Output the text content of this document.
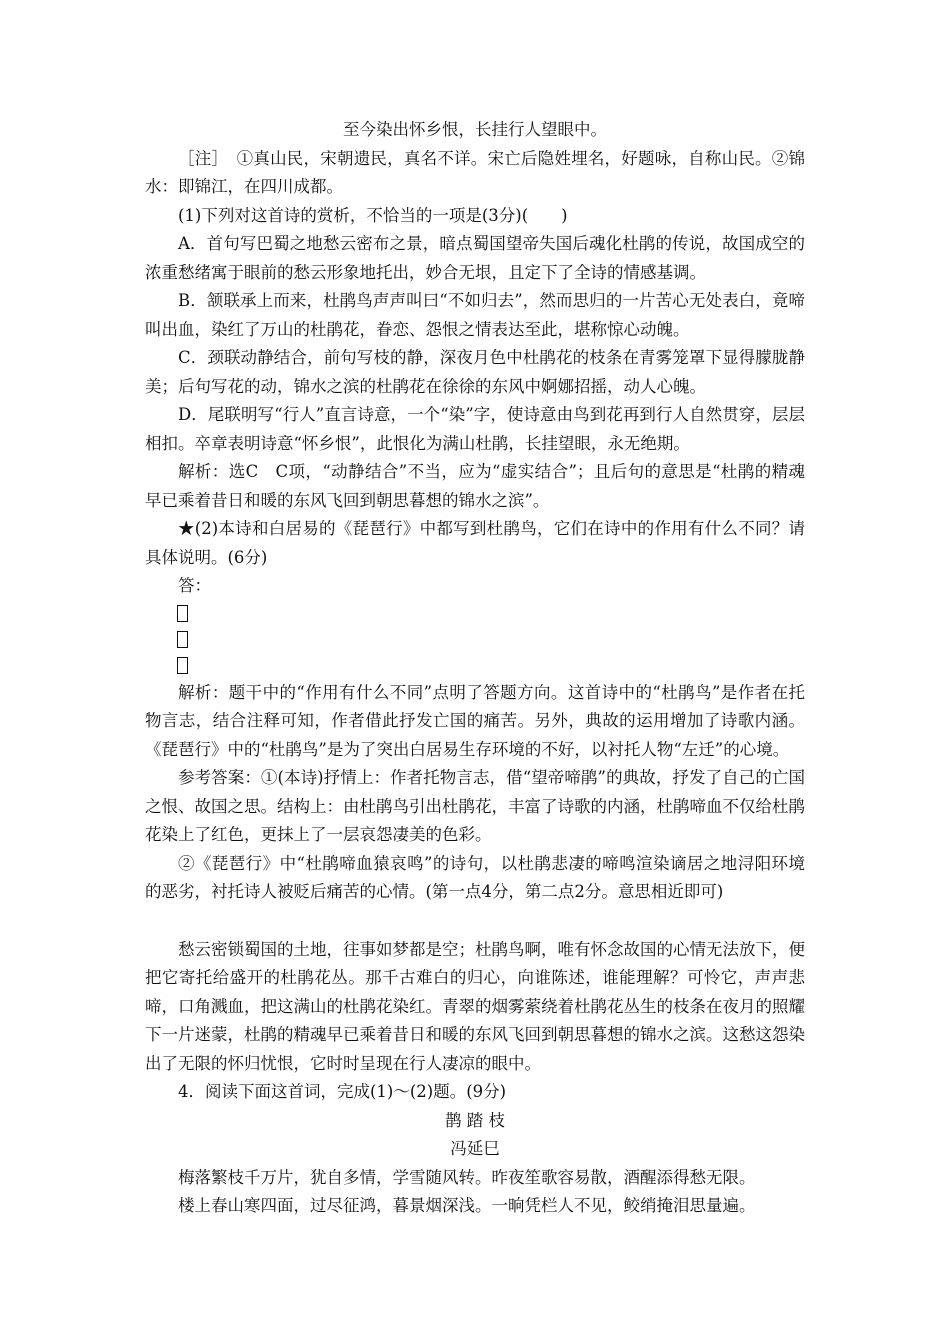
至今染出怀乡恨，长挂行人望眼中。

［注］　①真山民，宋朝遗民，真名不详。宋亡后隐姓埋名，好题咏，自称山民。②锦水：即锦江，在四川成都。

(1)下列对这首诗的赏析，不恰当的一项是(3分)(　　)

A．首句写巴蜀之地愁云密布之景，暗点蜀国望帝失国后魂化杜鹃的传说，故国成空的浓重愁绪寓于眼前的愁云形象地托出，妙合无垠，且定下了全诗的情感基调。

B．颔联承上而来，杜鹃鸟声声叫曰“不如归去”，然而思归的一片苦心无处表白，竟啼叫出血，染红了万山的杜鹃花，眷恋、怨恨之情表达至此，堪称惊心动魄。

C．颈联动静结合，前句写枝的静，深夜月色中杜鹃花的枝条在青雾笼罩下显得朦胧静美；后句写花的动，锦水之滨的杜鹃花在徐徐的东风中婀娜招摇，动人心魄。

D．尾联明写“行人”直言诗意，一个“染”字，使诗意由鸟到花再到行人自然贯穿，层层相扣。卒章表明诗意“怀乡恨”，此恨化为满山杜鹃，长挂望眼，永无绝期。

解析：选C　C项，“动静结合”不当，应为“虚实结合”；且后句的意思是“杜鹃的精魂早已乘着昔日和暖的东风飞回到朝思暮想的锦水之滨”。

★(2)本诗和白居易的《琵琶行》中都写到杜鹃鸟，它们在诗中的作用有什么不同？请具体说明。(6分)

答：

解析：题干中的“作用有什么不同”点明了答题方向。这首诗中的“杜鹃鸟”是作者在托物言志，结合注释可知，作者借此抒发亡国的痛苦。另外，典故的运用增加了诗歌内涵。《琵琶行》中的“杜鹃鸟”是为了突出白居易生存环境的不好，以衬托人物“左迁”的心境。

参考答案：①(本诗)抒情上：作者托物言志，借“望帝啼鹃”的典故，抒发了自己的亡国之恨、故国之思。结构上：由杜鹃鸟引出杜鹃花，丰富了诗歌的内涵，杜鹃啼血不仅给杜鹃花染上了红色，更抹上了一层哀怨凄美的色彩。

②《琵琶行》中“杜鹃啼血猿哀鸣”的诗句，以杜鹃悲凄的啼鸣渲染谪居之地浔阳环境的恶劣，衬托诗人被贬后痛苦的心情。(第一点4分，第二点2分。意思相近即可)

愁云密锁蜀国的土地，往事如梦都是空；杜鹃鸟啊，唯有怀念故国的心情无法放下，便把它寄托给盛开的杜鹃花丛。那千古难白的归心，向谁陈述，谁能理解？可怜它，声声悲啼，口角溅血，把这满山的杜鹃花染红。青翠的烟雾萦绕着杜鹃花丛生的枝条在夜月的照耀下一片迷蒙，杜鹃的精魂早已乘着昔日和暖的东风飞回到朝思暮想的锦水之滨。这愁这怨染出了无限的怀归忧恨，它时时呈现在行人凄凉的眼中。

4．阅读下面这首词，完成(1)～(2)题。(9分)

鹊 踏 枝

冯延巳

梅落繁枝千万片，犹自多情，学雪随风转。昨夜笙歌容易散，酒醒添得愁无限。

楼上春山寒四面，过尽征鸿，暮景烟深浅。一晌凭栏人不见，鲛绡掩泪思量遍。
